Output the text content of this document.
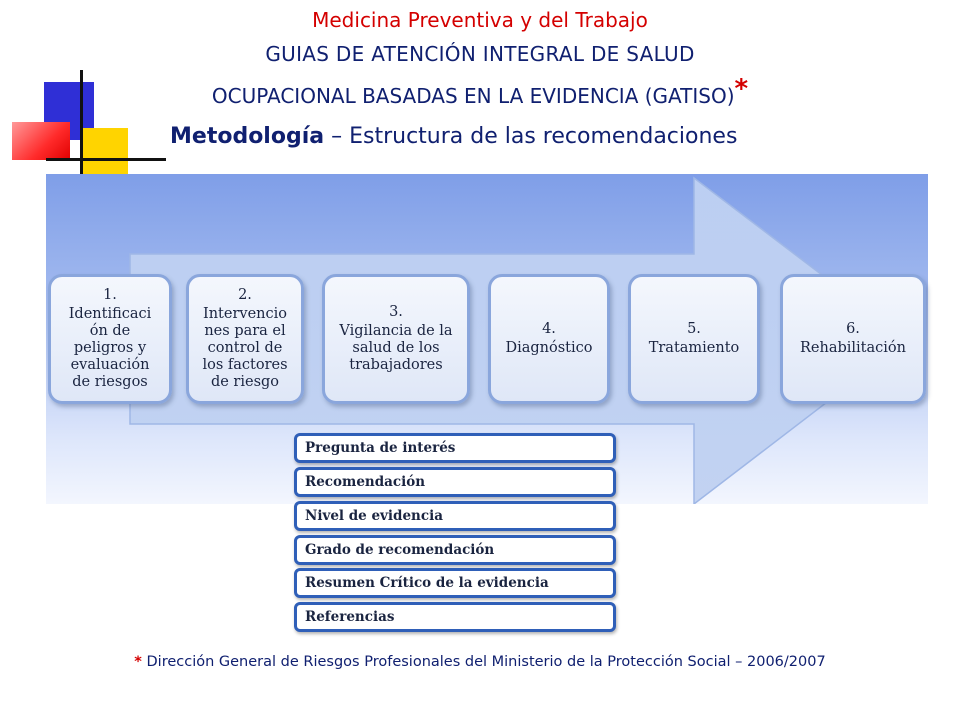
Medicina Preventiva y del Trabajo
GUIAS DE ATENCIÓN INTEGRAL DE SALUD
OCUPACIONAL BASADAS EN LA EVIDENCIA (GATISO)*
Metodología – Estructura de las recomendaciones
1.
Identificaci
ón de
peligros y
evaluación
de riesgos
2.
Intervencio
nes para el
control de
los factores
de riesgo
3.
Vigilancia de la
salud de los
trabajadores
4.
Diagnóstico
5.
Tratamiento
6.
Rehabilitación
Pregunta de interés
Recomendación
Nivel de evidencia
Grado de recomendación
Resumen Crítico de la evidencia
Referencias
* Dirección General de Riesgos Profesionales del Ministerio de la Protección Social – 2006/2007
